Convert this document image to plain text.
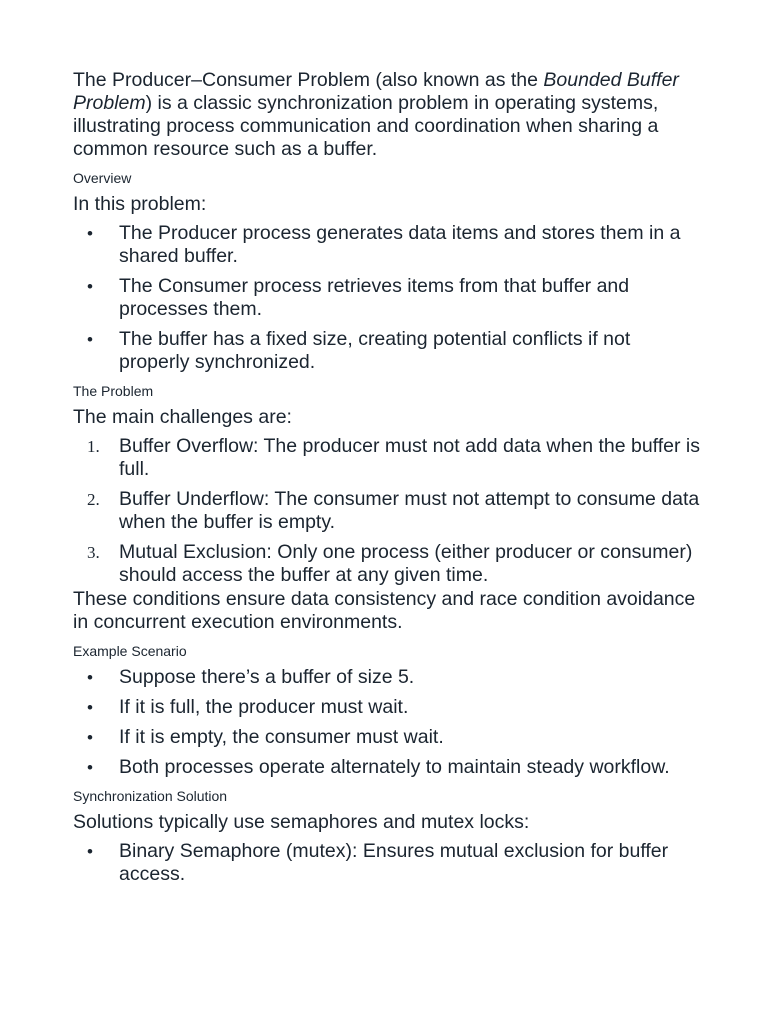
The Producer–Consumer Problem (also known as the Bounded Buffer Problem) is a classic synchronization problem in operating systems, illustrating process communication and coordination when sharing a common resource such as a buffer.

Overview

In this problem:

• The Producer process generates data items and stores them in a shared buffer.
• The Consumer process retrieves items from that buffer and processes them.
• The buffer has a fixed size, creating potential conflicts if not properly synchronized.
The Problem

The main challenges are:

1. Buffer Overflow: The producer must not add data when the buffer is full.
2. Buffer Underflow: The consumer must not attempt to consume data when the buffer is empty.
3. Mutual Exclusion: Only one process (either producer or consumer) should access the buffer at any given time.

These conditions ensure data consistency and race condition avoidance in concurrent execution environments.

Example Scenario
• Suppose there’s a buffer of size 5.
• If it is full, the producer must wait.
• If it is empty, the consumer must wait.
• Both processes operate alternately to maintain steady workflow.
Synchronization Solution

Solutions typically use semaphores and mutex locks:

• Binary Semaphore (mutex): Ensures mutual exclusion for buffer access.
